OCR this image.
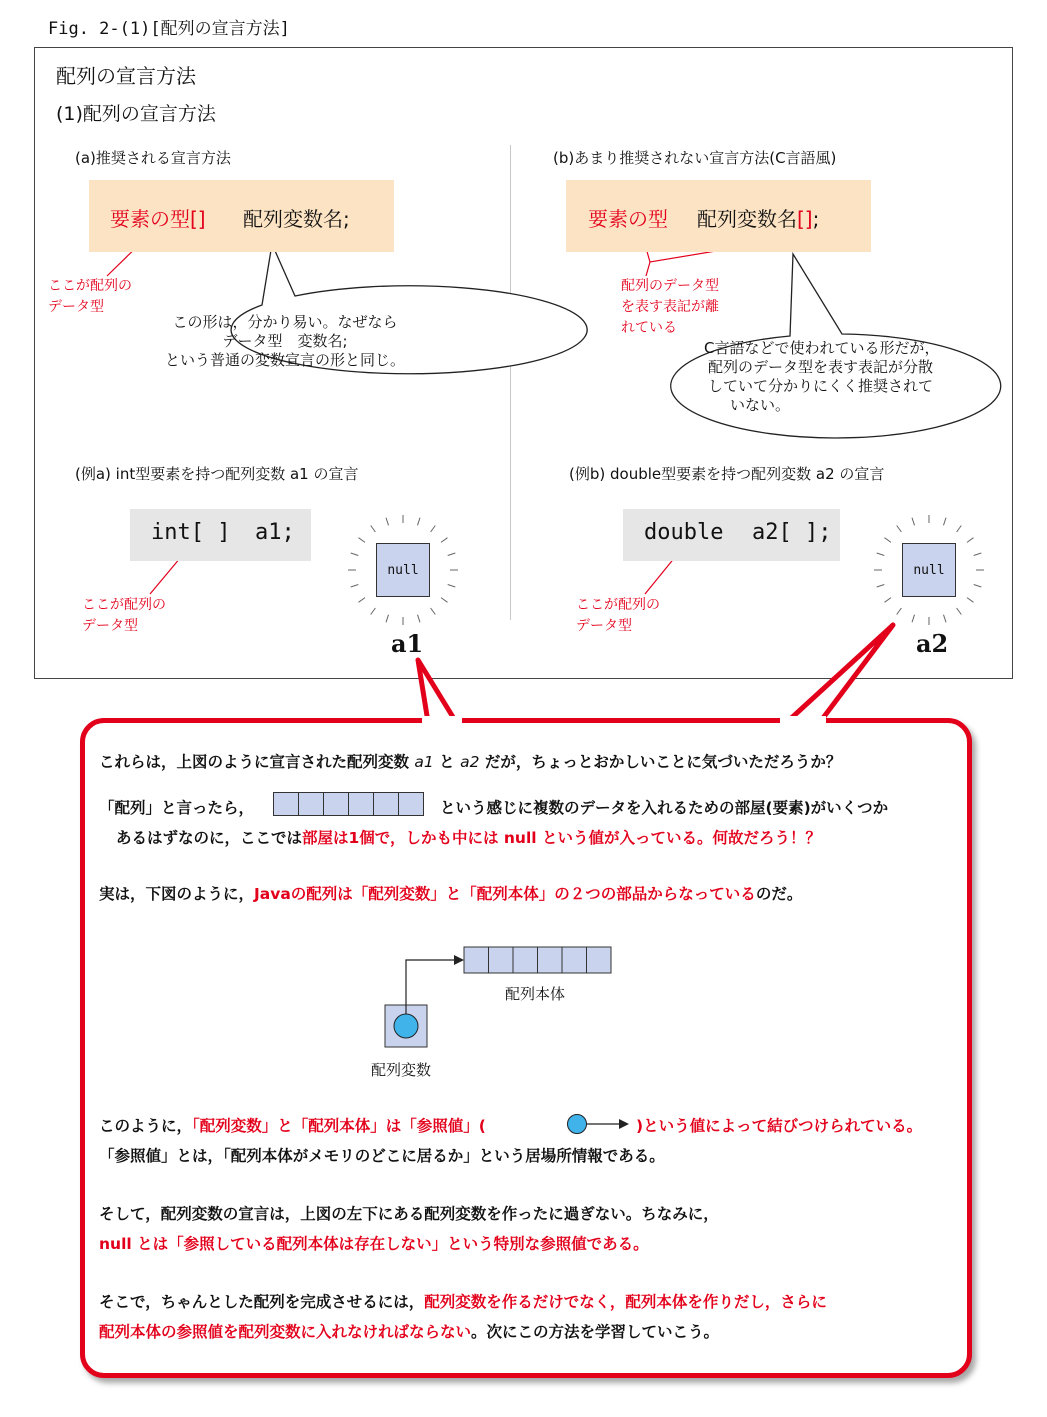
Fig. 2-(1)[配列の宣言方法]
配列の宣言方法
(1)配列の宣言方法
(a)推奨される宣言方法
要素の型[] 配列変数名;
ここが配列の
データ型
この形は，分かり易い。なぜなら
データ型　変数名;
という普通の変数宣言の形と同じ。
(例a) int型要素を持つ配列変数 a1 の宣言
int[ ] a1;
ここが配列の
データ型
null
a1
(b)あまり推奨されない宣言方法(C言語風)
要素の型 配列変数名[];
配列のデータ型
を表す表記が離
れている
C言語などで使われている形だが，
配列のデータ型を表す表記が分散
していて分かりにくく推奨されて
いない。
(例b) double型要素を持つ配列変数 a2 の宣言
double a2[ ];
ここが配列の
データ型
null
a2
これらは，上図のように宣言された配列変数 a1 と a2 だが，ちょっとおかしいことに気づいただろうか？
「配列」と言ったら，	という感じに複数のデータを入れるための部屋(要素)がいくつか
あるはずなのに，ここでは部屋は1個で，しかも中には null という値が入っている。何故だろう！？
実は，下図のように，Javaの配列は「配列変数」と「配列本体」の２つの部品からなっているのだ。
配列本体
配列変数
このように，「配列変数」と「配列本体」は「参照値」(	)という値によって結びつけられている。
「参照値」とは，「配列本体がメモリのどこに居るか」という居場所情報である。
そして，配列変数の宣言は，上図の左下にある配列変数を作ったに過ぎない。ちなみに，
null とは「参照している配列本体は存在しない」という特別な参照値である。
そこで，ちゃんとした配列を完成させるには，配列変数を作るだけでなく，配列本体を作りだし，さらに
配列本体の参照値を配列変数に入れなければならない。次にこの方法を学習していこう。
